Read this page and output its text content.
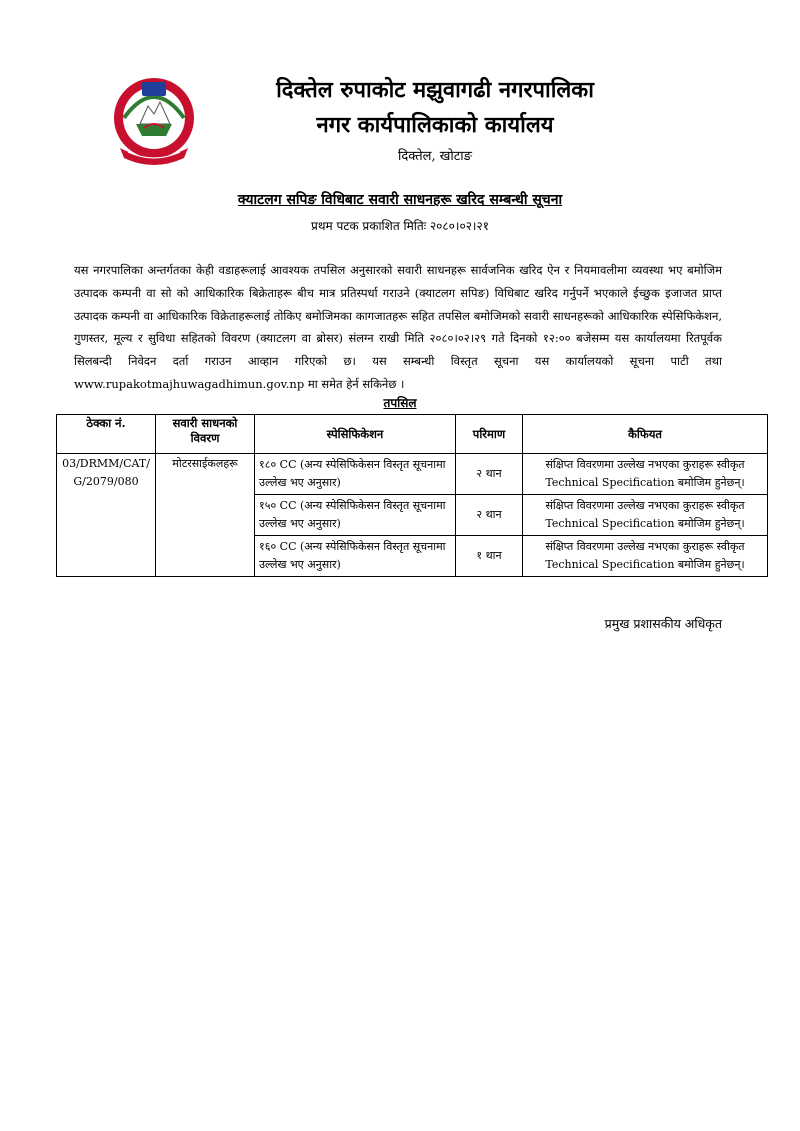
दिक्तेल रुपाकोट मझुवागढी नगरपालिका
नगर कार्यपालिकाको कार्यालय
दिक्तेल, खोटाङ
क्याटलग सपिङ विधिबाट सवारी साधनहरू खरिद सम्बन्धी सूचना
प्रथम पटक प्रकाशित मितिः २०८०।०२।२१
यस नगरपालिका अन्तर्गतका केही वडाहरूलाई आवश्यक तपसिल अनुसारको सवारी साधनहरू सार्वजनिक खरिद ऐन र नियमावलीमा व्यवस्था भए बमोजिम उत्पादक कम्पनी वा सो को आधिकारिक बिक्रेताहरू बीच मात्र प्रतिस्पर्धा गराउने (क्याटलग सपिङ) विधिबाट खरिद गर्नुपर्ने भएकाले ईच्छुक इजाजत प्राप्त उत्पादक कम्पनी वा आधिकारिक विक्रेताहरूलाई तोकिए बमोजिमका कागजातहरू सहित तपसिल बमोजिमको सवारी साधनहरूको आधिकारिक स्पेसिफिकेशन, गुणस्तर, मूल्य र सुविधा सहितको विवरण (क्याटलग वा ब्रोसर) संलग्न राखी मिति २०८०।०२।२९ गते दिनको १२:०० बजेसम्म यस कार्यालयमा रितपूर्वक सिलबन्दी निवेदन दर्ता गराउन आव्हान गरिएको छ। यस सम्बन्धी विस्तृत सूचना यस कार्यालयको सूचना पाटी तथा www.rupakotmajhuwagadhimun.gov.np मा समेत हेर्न सकिनेछ ।
तपसिल
ठेक्का नं.	सवारी साधनको विवरण	स्पेसिफिकेशन	परिमाण	कैफियत
03/DRMM/CAT/ G/2079/080	मोटरसाईकलहरू	१८० CC (अन्य स्पेसिफिकेसन विस्तृत सूचनामा उल्लेख भए अनुसार)	२ थान	संक्षिप्त विवरणमा उल्लेख नभएका कुराहरू स्वीकृत Technical Specification बमोजिम हुनेछन्।
		१५० CC (अन्य स्पेसिफिकेसन विस्तृत सूचनामा उल्लेख भए अनुसार)	२ थान	संक्षिप्त विवरणमा उल्लेख नभएका कुराहरू स्वीकृत Technical Specification बमोजिम हुनेछन्।
		१६० CC (अन्य स्पेसिफिकेसन विस्तृत सूचनामा उल्लेख भए अनुसार)	१ थान	संक्षिप्त विवरणमा उल्लेख नभएका कुराहरू स्वीकृत Technical Specification बमोजिम हुनेछन्।
प्रमुख प्रशासकीय अधिकृत
